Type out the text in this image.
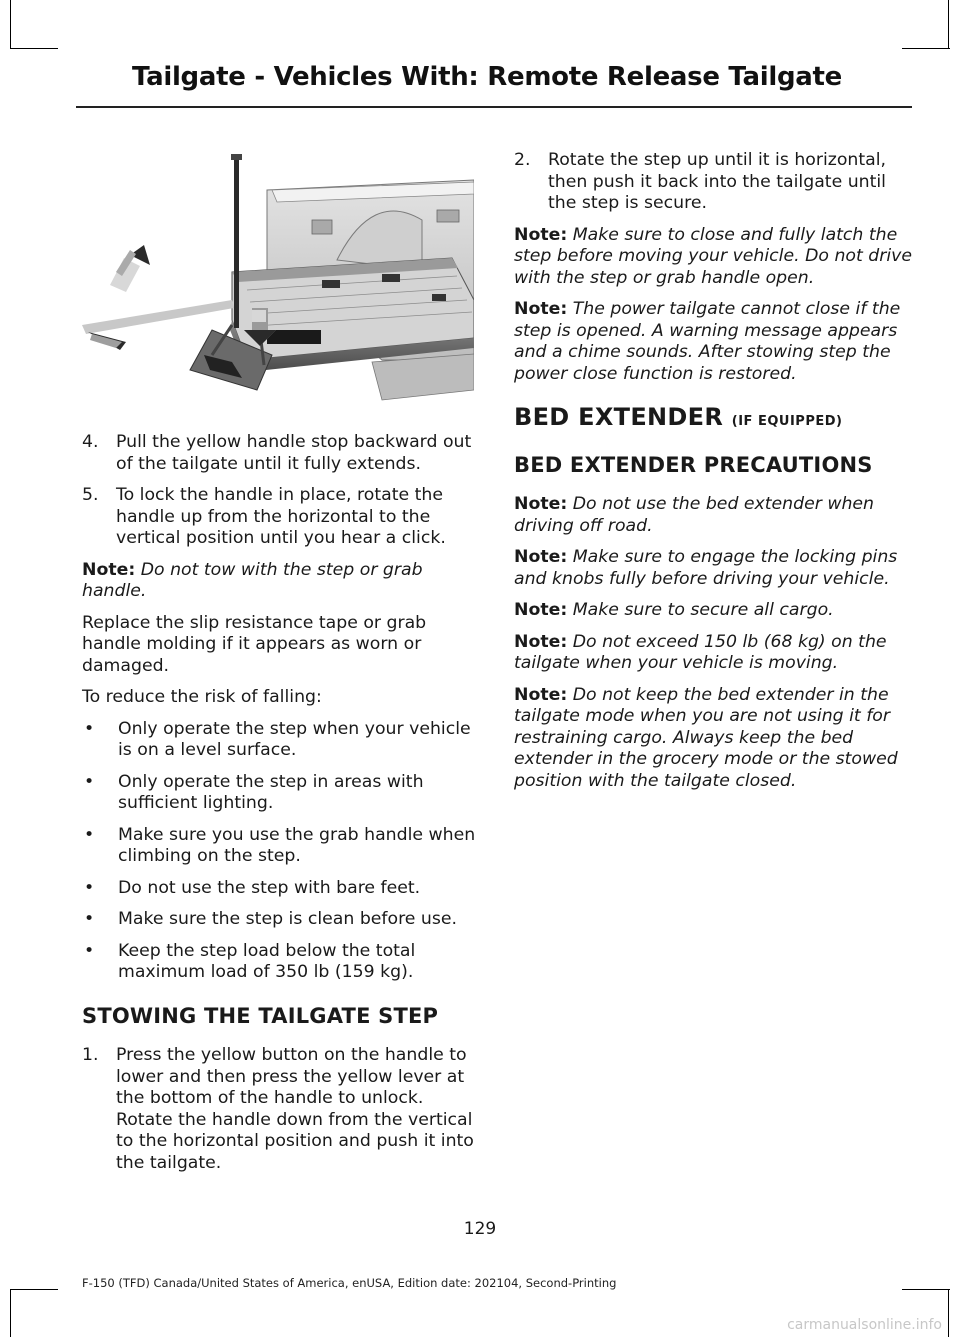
Tailgate - Vehicles With: Remote Release Tailgate
4.	Pull the yellow handle stop backward out of the tailgate until it fully extends.
5.	To lock the handle in place, rotate the handle up from the horizontal to the vertical position until you hear a click.

Note: Do not tow with the step or grab handle.

Replace the slip resistance tape or grab handle molding if it appears as worn or damaged.

To reduce the risk of falling:

•	Only operate the step when your vehicle is on a level surface.
•	Only operate the step in areas with sufficient lighting.
•	Make sure you use the grab handle when climbing on the step.
•	Do not use the step with bare feet.
•	Make sure the step is clean before use.
•	Keep the step load below the total maximum load of 350 lb (159 kg).
STOWING THE TAILGATE STEP
1.	Press the yellow button on the handle to lower and then press the yellow lever at the bottom of the handle to unlock. Rotate the handle down from the vertical to the horizontal position and push it into the tailgate.
2.	Rotate the step up until it is horizontal, then push it back into the tailgate until the step is secure.

Note: Make sure to close and fully latch the step before moving your vehicle. Do not drive with the step or grab handle open.

Note: The power tailgate cannot close if the step is opened. A warning message appears and a chime sounds. After stowing step the power close function is restored.

BED EXTENDER (IF EQUIPPED)
BED EXTENDER PRECAUTIONS

Note: Do not use the bed extender when driving off road.

Note: Make sure to engage the locking pins and knobs fully before driving your vehicle.

Note: Make sure to secure all cargo.

Note: Do not exceed 150 lb (68 kg) on the tailgate when your vehicle is moving.

Note: Do not keep the bed extender in the tailgate mode when you are not using it for restraining cargo. Always keep the bed extender in the grocery mode or the stowed position with the tailgate closed.

129
F-150 (TFD) Canada/United States of America, enUSA, Edition date: 202104, Second-Printing
carmanualsonline.info
